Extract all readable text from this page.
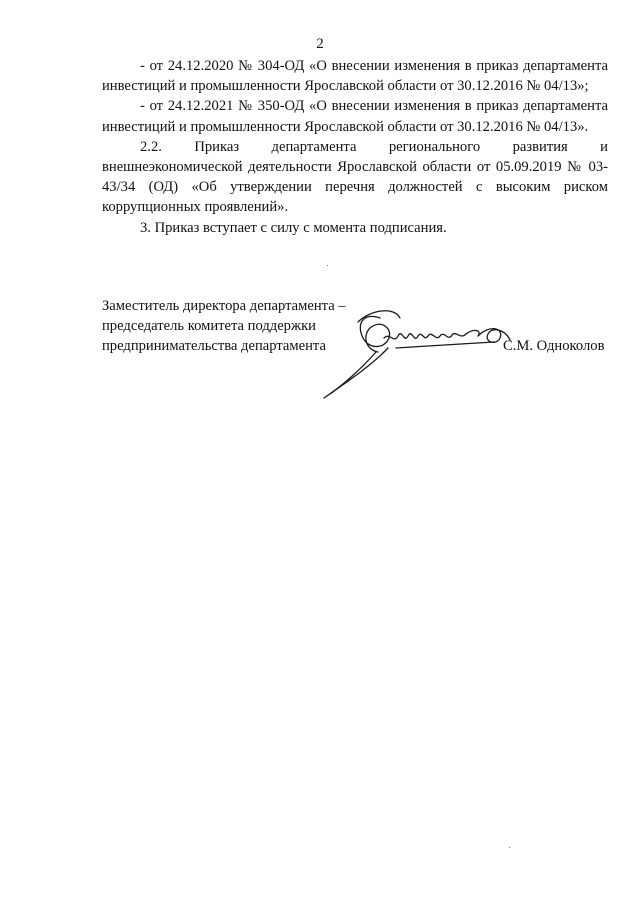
2

- от 24.12.2020 № 304-ОД «О внесении изменения в приказ департамента инвестиций и промышленности Ярославской области от 30.12.2016 № 04/13»;

- от 24.12.2021 № 350-ОД «О внесении изменения в приказ департамента инвестиций и промышленности Ярославской области от 30.12.2016 № 04/13».

2.2. Приказ департамента регионального развития и внешнеэкономической деятельности Ярославской области от 05.09.2019 № 03-43/34 (ОД) «Об утверждении перечня должностей с высоким риском коррупционных проявлений».

3. Приказ вступает с силу с момента подписания.

Заместитель директора департамента –
председатель комитета поддержки
предпринимательства департамента	С.М. Одноколов
